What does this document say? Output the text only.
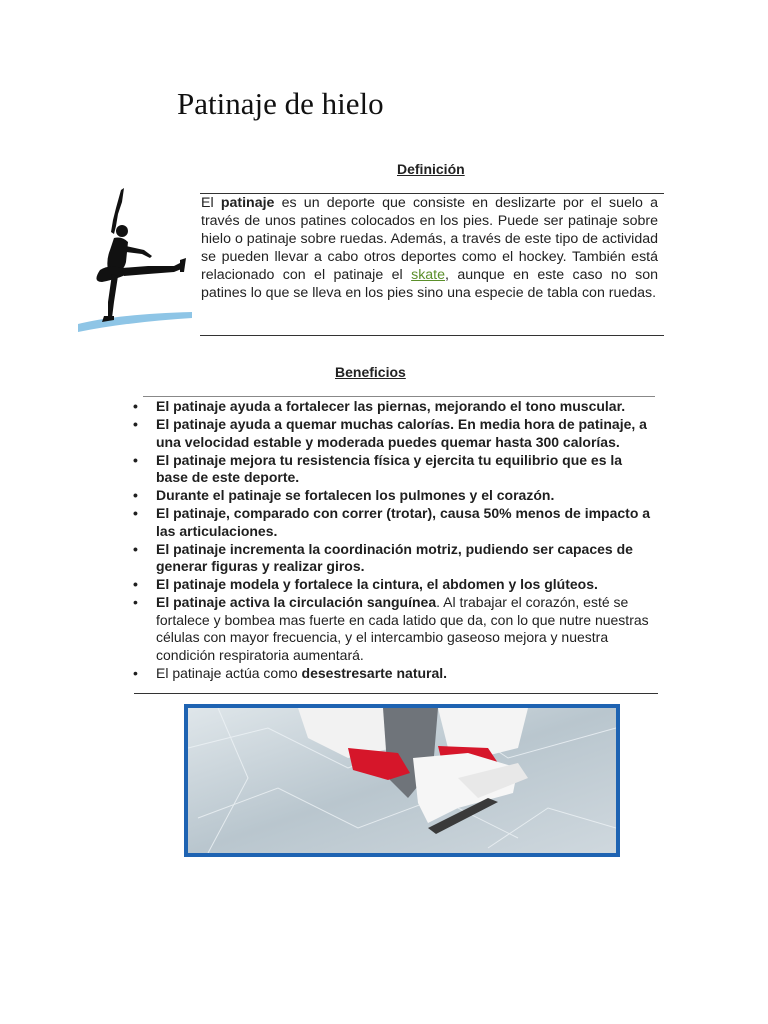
Patinaje de hielo
Definición

El patinaje es un deporte que consiste en deslizarte por el suelo a través de unos patines colocados en los pies. Puede ser patinaje sobre hielo o patinaje sobre ruedas. Además, a través de este tipo de actividad se pueden llevar a cabo otros deportes como el hockey. También está relacionado con el patinaje el skate, aunque en este caso no son patines lo que se lleva en los pies sino una especie de tabla con ruedas.

Beneficios
• El patinaje ayuda a fortalecer las piernas, mejorando el tono muscular.
• El patinaje ayuda a quemar muchas calorías. En media hora de patinaje, a una velocidad estable y moderada puedes quemar hasta 300 calorías.
• El patinaje mejora tu resistencia física y ejercita tu equilibrio que es la base de este deporte.
• Durante el patinaje se fortalecen los pulmones y el corazón.
• El patinaje, comparado con correr (trotar), causa 50% menos de impacto a las articulaciones.
• El patinaje incrementa la coordinación motriz, pudiendo ser capaces de generar figuras y realizar giros.
• El patinaje modela y fortalece la cintura, el abdomen y los glúteos.
• El patinaje activa la circulación sanguínea. Al trabajar el corazón, esté se fortalece y bombea mas fuerte en cada latido que da, con lo que nutre nuestras células con mayor frecuencia, y el intercambio gaseoso mejora y nuestra condición respiratoria aumentará.
• El patinaje actúa como desestresarte natural.
